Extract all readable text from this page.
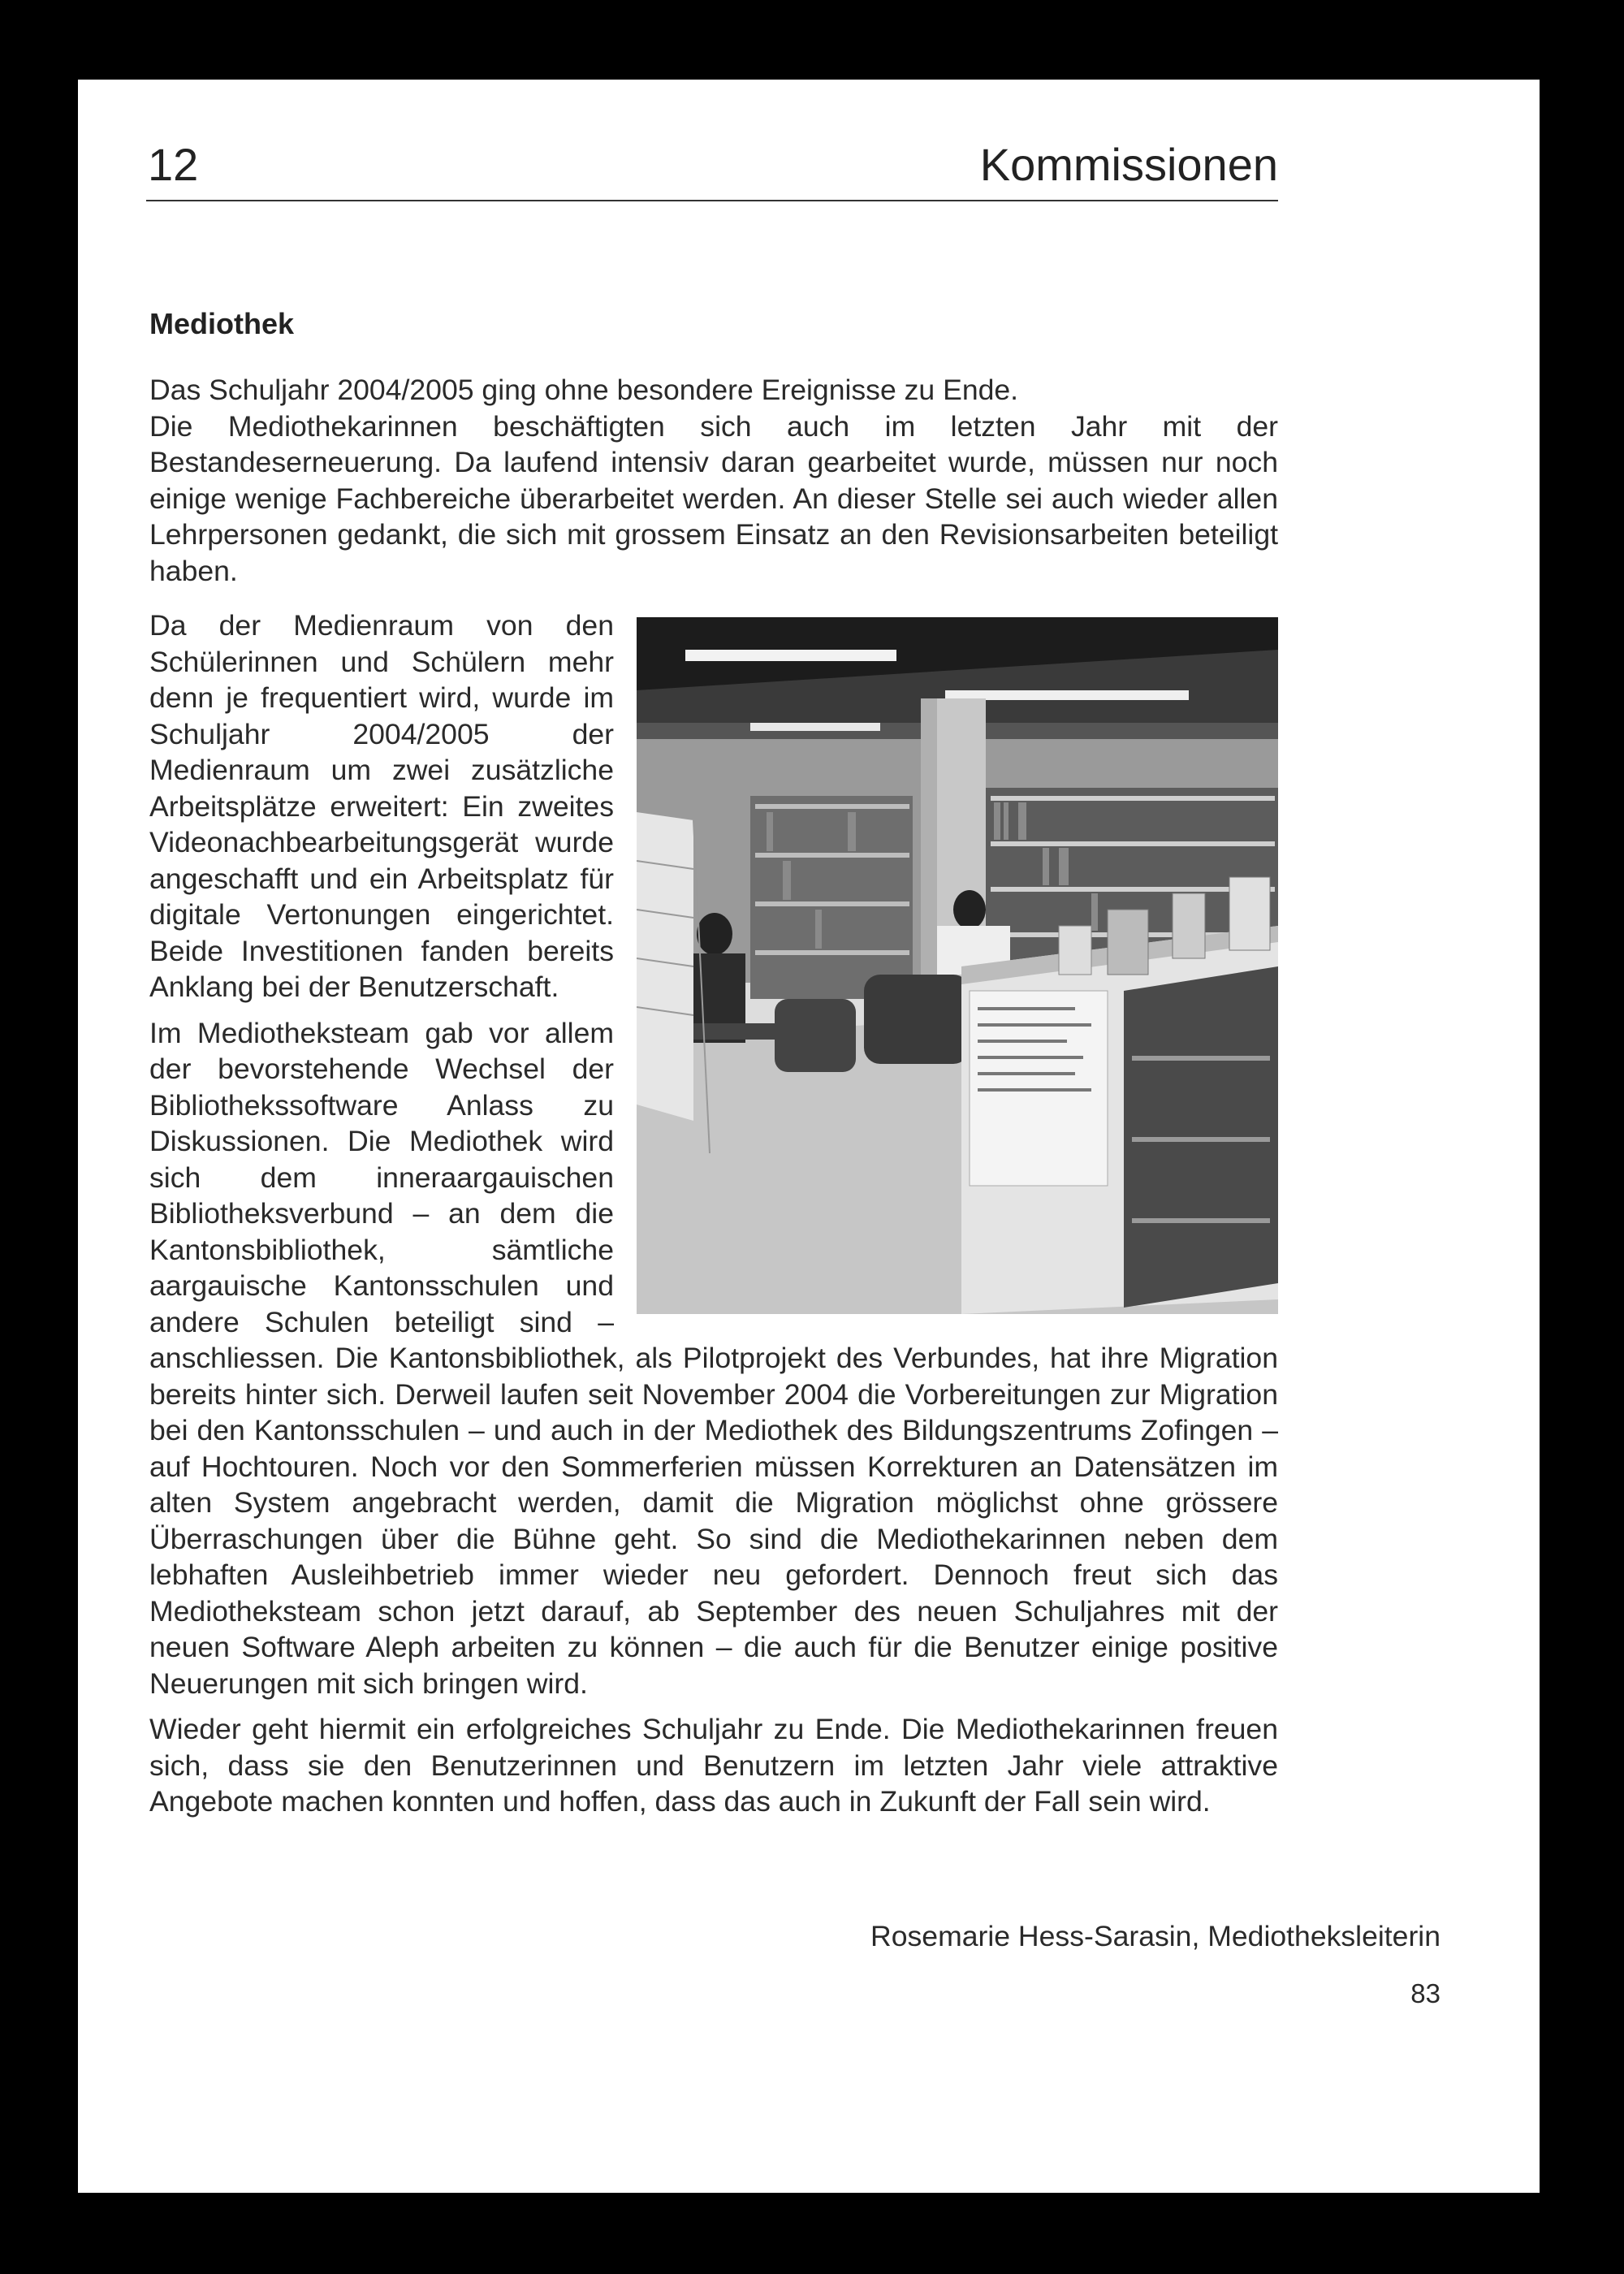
12	Kommissionen
Mediothek
Das Schuljahr 2004/2005 ging ohne besondere Ereignisse zu Ende.
Die Mediothekarinnen beschäftigten sich auch im letzten Jahr mit der Bestandeserneuerung. Da laufend intensiv daran gearbeitet wurde, müssen nur noch einige wenige Fachbereiche überarbeitet werden. An dieser Stelle sei auch wieder allen Lehrpersonen gedankt, die sich mit grossem Einsatz an den Revisionsarbeiten beteiligt haben.

Da der Medienraum von den Schülerinnen und Schülern mehr denn je frequentiert wird, wurde im Schuljahr 2004/2005 der Medienraum um zwei zusätzliche Arbeitsplätze erweitert: Ein zweites Videonachbearbeitungsgerät wurde angeschafft und ein Arbeitsplatz für digitale Vertonungen eingerichtet. Beide Investitionen fanden bereits Anklang bei der Benutzerschaft.

Im Mediotheksteam gab vor allem der bevorstehende Wechsel der Bibliothekssoftware Anlass zu Diskussionen. Die Mediothek wird sich dem inneraargauischen Bibliotheksverbund – an dem die Kantonsbibliothek, sämtliche aargauische Kantonsschulen und andere Schulen beteiligt sind – anschliessen. Die Kantonsbibliothek, als Pilotprojekt des Verbundes, hat ihre Migration bereits hinter sich. Derweil laufen seit November 2004 die Vorbereitungen zur Migration bei den Kantonsschulen – und auch in der Mediothek des Bildungszentrums Zofingen – auf Hochtouren. Noch vor den Sommerferien müssen Korrekturen an Datensätzen im alten System angebracht werden, damit die Migration möglichst ohne grössere Überraschungen über die Bühne geht. So sind die Mediothekarinnen neben dem lebhaften Ausleihbetrieb immer wieder neu gefordert. Dennoch freut sich das Mediotheksteam schon jetzt darauf, ab September des neuen Schuljahres mit der neuen Software Aleph arbeiten zu können – die auch für die Benutzer einige positive Neuerungen mit sich bringen wird.

Wieder geht hiermit ein erfolgreiches Schuljahr zu Ende. Die Mediothekarinnen freuen sich, dass sie den Benutzerinnen und Benutzern im letzten Jahr viele attraktive Angebote machen konnten und hoffen, dass das auch in Zukunft der Fall sein wird.

Rosemarie Hess-Sarasin, Mediotheksleiterin
83
